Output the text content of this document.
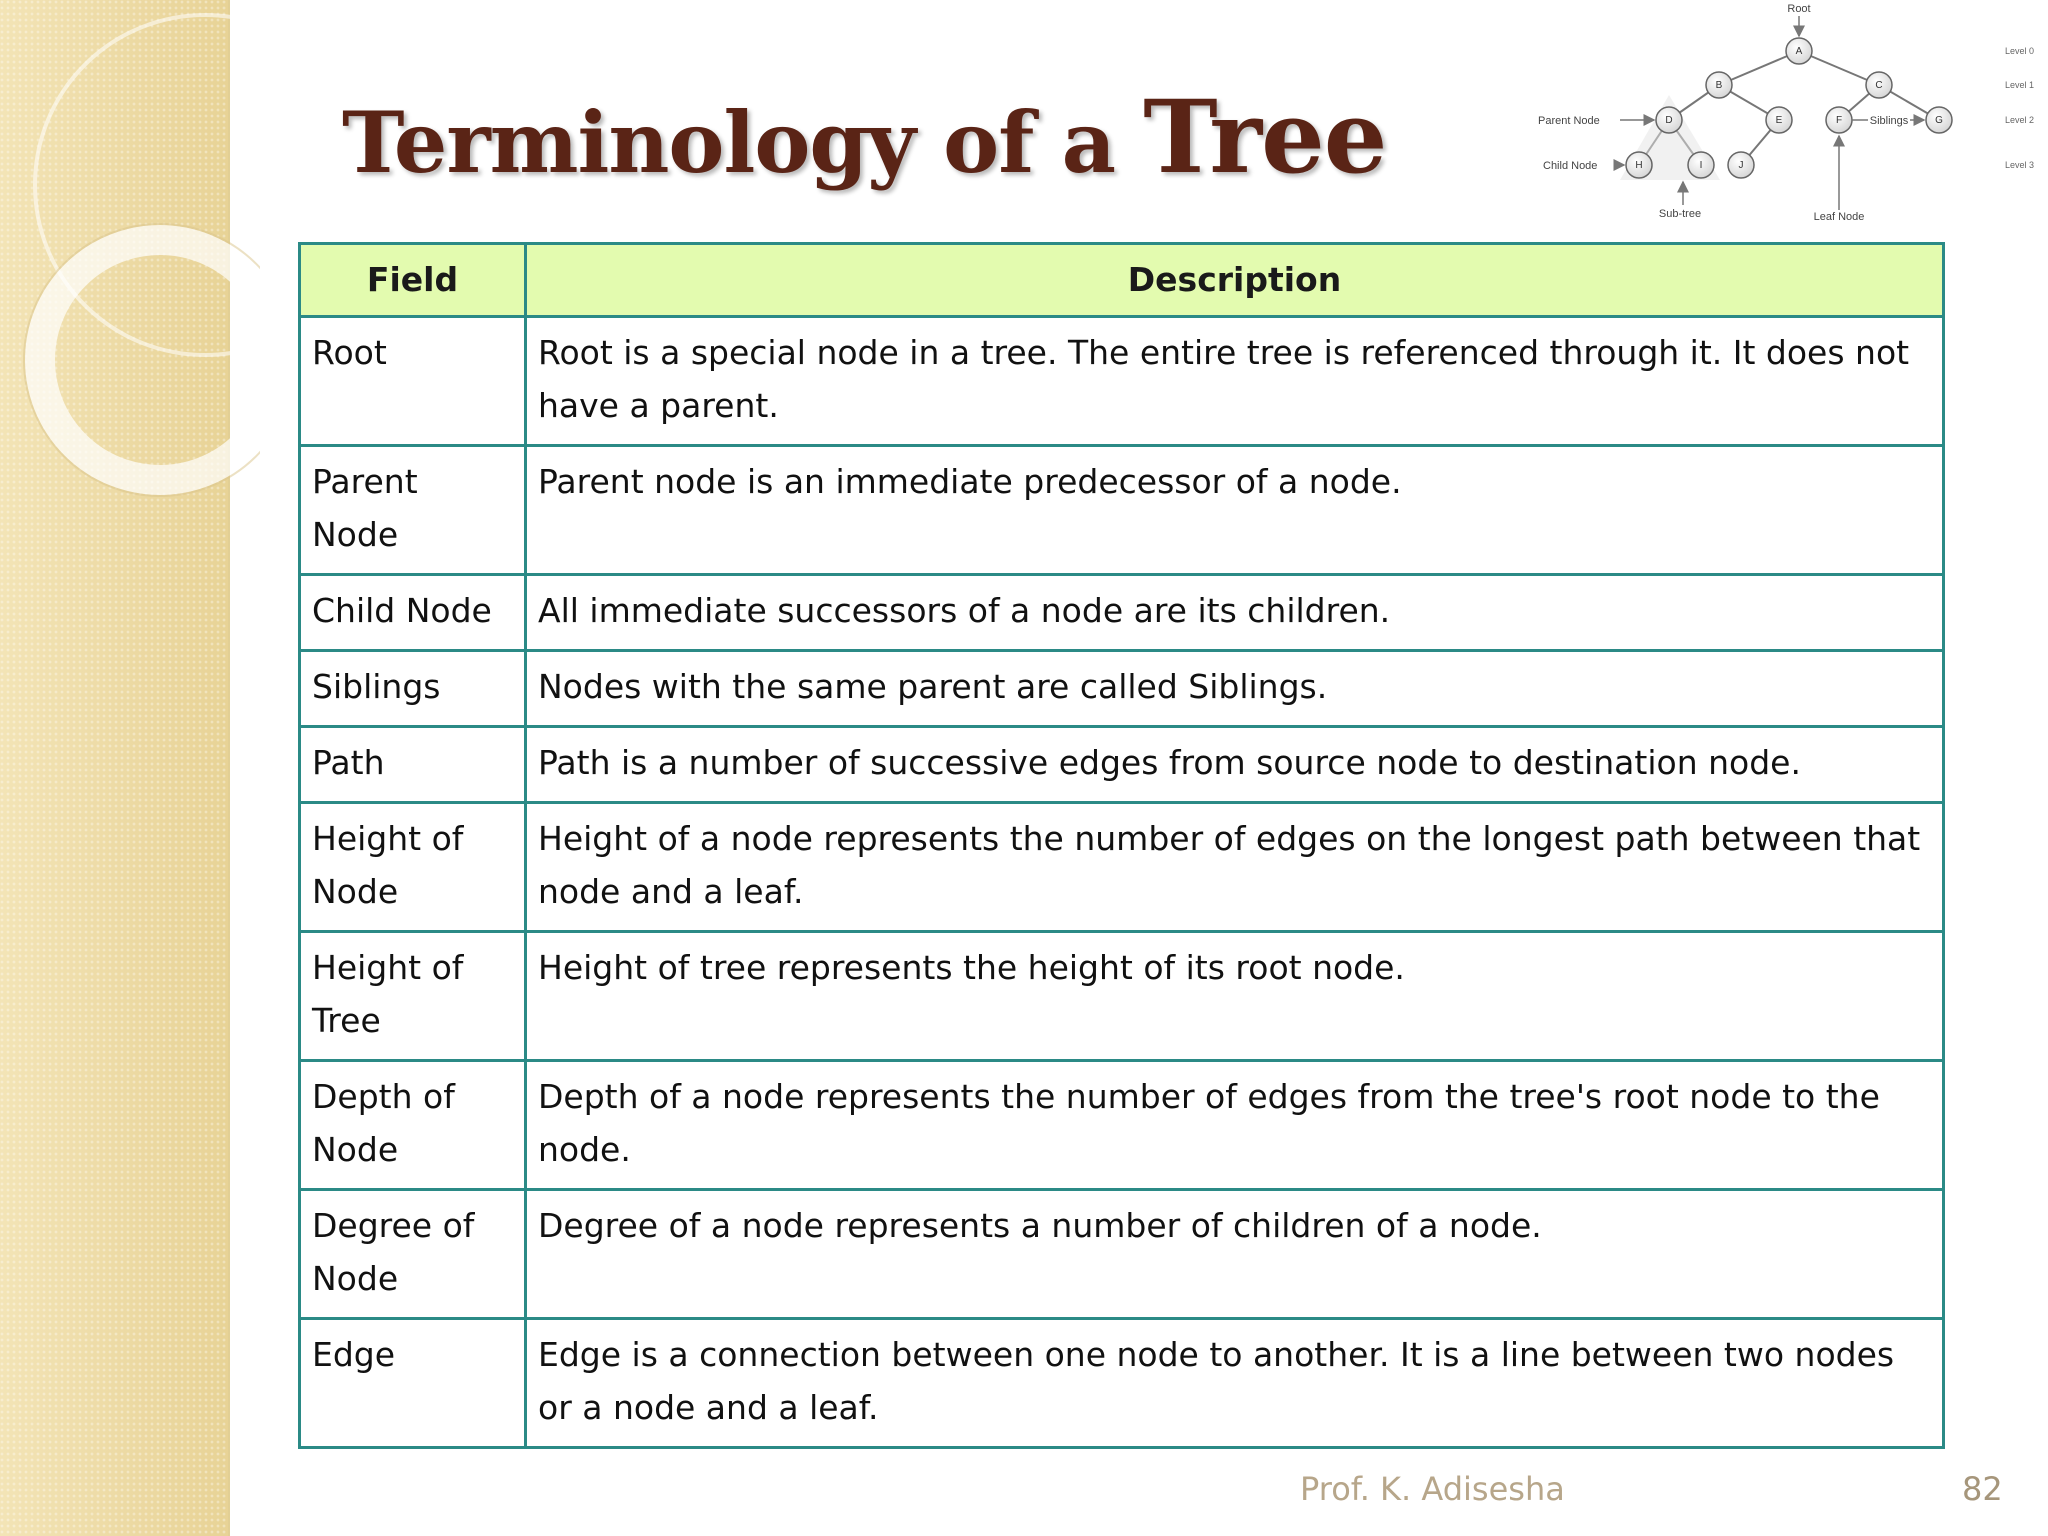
Terminology of a Tree
A
B	C
D	E	F	G
H	I	J
Root
Parent Node
Child Node
Siblings
Sub-tree	Leaf Node
Level 0
Level 1
Level 2
Level 3
Field	Description
Root	Root is a special node in a tree. The entire tree is referenced through it. It does not have a parent.
Parent Node	Parent node is an immediate predecessor of a node.
Child Node	All immediate successors of a node are its children.
Siblings	Nodes with the same parent are called Siblings.
Path	Path is a number of successive edges from source node to destination node.
Height of Node	Height of a node represents the number of edges on the longest path between that node and a leaf.
Height of Tree	Height of tree represents the height of its root node.
Depth of Node	Depth of a node represents the number of edges from the tree's root node to the node.
Degree of Node	Degree of a node represents a number of children of a node.
Edge	Edge is a connection between one node to another. It is a line between two nodes or a node and a leaf.
Prof. K. Adisesha	82
